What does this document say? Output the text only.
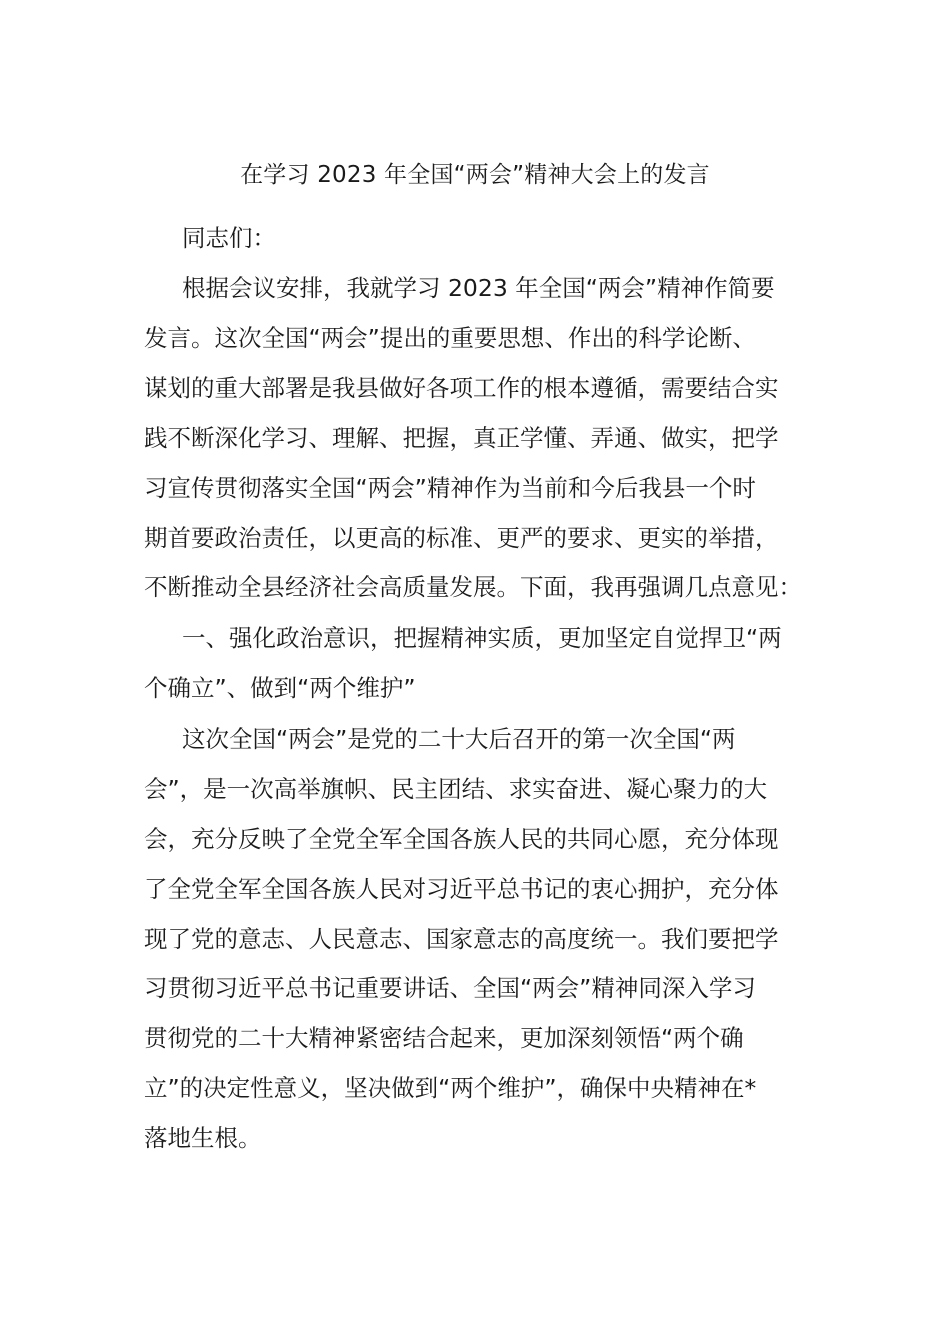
在学习 2023 年全国“两会”精神大会上的发言
同志们：
根据会议安排，我就学习 2023 年全国“两会”精神作简要
发言。这次全国“两会”提出的重要思想、作出的科学论断、
谋划的重大部署是我县做好各项工作的根本遵循，需要结合实
践不断深化学习、理解、把握，真正学懂、弄通、做实，把学
习宣传贯彻落实全国“两会”精神作为当前和今后我县一个时
期首要政治责任，以更高的标准、更严的要求、更实的举措，
不断推动全县经济社会高质量发展。下面，我再强调几点意见：
一、强化政治意识，把握精神实质，更加坚定自觉捍卫“两
个确立”、做到“两个维护”
这次全国“两会”是党的二十大后召开的第一次全国“两
会”，是一次高举旗帜、民主团结、求实奋进、凝心聚力的大
会，充分反映了全党全军全国各族人民的共同心愿，充分体现
了全党全军全国各族人民对习近平总书记的衷心拥护，充分体
现了党的意志、人民意志、国家意志的高度统一。我们要把学
习贯彻习近平总书记重要讲话、全国“两会”精神同深入学习
贯彻党的二十大精神紧密结合起来，更加深刻领悟“两个确
立”的决定性意义，坚决做到“两个维护”，确保中央精神在*
落地生根。
